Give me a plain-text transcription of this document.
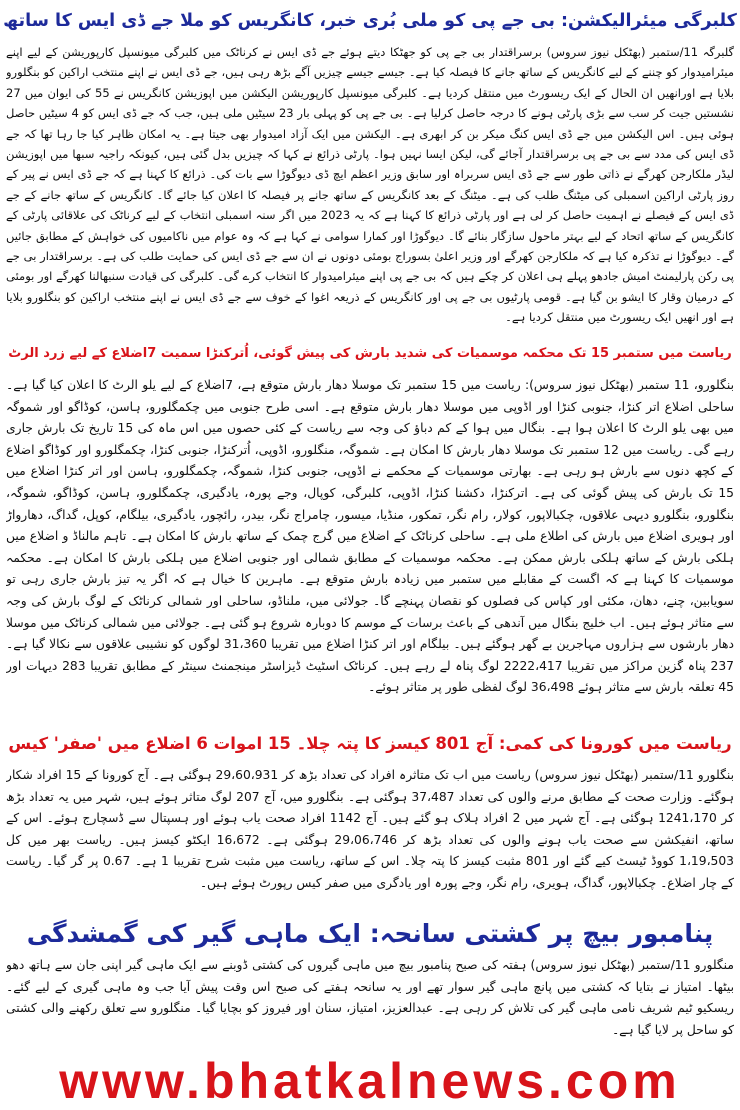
کلبرگی میئرالیکشن: بی جے پی کو ملی بُری خبر، کانگریس کو ملا جے ڈی ایس کا ساتھ

گلبرگہ 11/ستمبر (بھٹکل نیوز سروس) برسراقتدار بی جے پی کو جھٹکا دیتے ہوئے جے ڈی ایس نے کرناٹک میں کلبرگی میونسپل کارپوریشن کے لیے اپنے میئرامیدوار کو چننے کے لیے کانگریس کے ساتھ جانے کا فیصلہ کیا ہے۔ جیسے جیسے چیزیں آگے بڑھ رہی ہیں، جے ڈی ایس نے اپنے منتخب اراکین کو بنگلورو بلایا ہے اورانھیں ان الحال کے ایک ریسورٹ میں منتقل کردیا ہے۔ کلبرگی میونسپل کارپوریشن الیکشن میں اپوزیشن کانگریس نے 55 کی ایوان میں 27 نشستیں جیت کر سب سے بڑی پارٹی ہونے کا درجہ حاصل کرلیا ہے۔ بی جے پی کو پہلی بار 23 سیٹیں ملی ہیں، جب کہ جے ڈی ایس کو 4 سیٹیں حاصل ہوئی ہیں۔ اس الیکشن میں جے ڈی ایس کنگ میکر بن کر ابھری ہے۔ الیکشن میں ایک آزاد امیدوار بھی جیتا ہے۔ یہ امکان ظاہر کیا جا رہا تھا کہ جے ڈی ایس کی مدد سے بی جے پی برسراقتدار آجائے گی، لیکن ایسا نہیں ہوا۔ پارٹی ذرائع نے کہا کہ چیزیں بدل گئی ہیں، کیونکہ راجیہ سبھا میں اپوزیشن لیڈر ملکارجن کھرگے نے ذاتی طور سے جے ڈی ایس سربراہ اور سابق وزیر اعظم ایچ ڈی دیوگوڑا سے بات کی۔ ذرائع کا کہنا ہے کہ جے ڈی ایس نے پیر کے روز پارٹی اراکین اسمبلی کی میٹنگ طلب کی ہے۔ میٹنگ کے بعد کانگریس کے ساتھ جانے پر فیصلہ کا اعلان کیا جائے گا۔ کانگریس کے ساتھ جانے کے جے ڈی ایس کے فیصلے نے اہمیت حاصل کر لی ہے اور پارٹی ذرائع کا کہنا ہے کہ یہ 2023 میں اگر سنہ اسمبلی انتخاب کے لیے کرناٹک کی علاقائی پارٹی کے کانگریس کے ساتھ اتحاد کے لیے بہتر ماحول سازگار بنائے گا۔ دیوگوڑا اور کمارا سوامی نے کہا ہے کہ وہ عوام میں ناکامیوں کی خواہش کے مطابق جائیں گے۔ دیوگوڑا نے تذکرہ کیا ہے کہ ملکارجن کھرگے اور وزیر اعلیٰ بسوراج بومئی دونوں نے ان سے جے ڈی ایس کی حمایت طلب کی ہے۔ برسراقتدار بی جے پی رکن پارلیمنٹ امیش جادھو پہلے ہی اعلان کر چکے ہیں کہ بی جے پی اپنے میئرامیدوار کا انتخاب کرے گی۔ کلبرگی کی قیادت سنبھالنا کھرگے اور بومئی کے درمیان وقار کا ایشو بن گیا ہے۔ قومی پارٹیوں بی جے پی اور کانگریس کے ذریعہ اغوا کے خوف سے جے ڈی ایس نے اپنے منتخب اراکین کو بنگلورو بلایا ہے اور انھیں ایک ریسورٹ میں منتقل کردیا ہے۔

ریاست میں ستمبر 15 تک محکمہ موسمیات کی شدید بارش کی پیش گوئی، اُترکنڑا سمیت 7اضلاع کے لیے زرد الرٹ

بنگلورو، 11 ستمبر (بھٹکل نیوز سروس): ریاست میں 15 ستمبر تک موسلا دھار بارش متوقع ہے، 7اضلاع کے لیے یلو الرٹ کا اعلان کیا گیا ہے۔ ساحلی اضلاع اتر کنڑا، جنوبی کنڑا اور اڈوپی میں موسلا دھار بارش متوقع ہے۔ اسی طرح جنوبی میں چکمگلورو، ہاسن، کوڈاگو اور شموگہ میں بھی یلو الرٹ کا اعلان ہوا ہے۔ بنگال میں ہوا کے کم دباؤ کی وجہ سے ریاست کے کئی حصوں میں اس ماہ کی 15 تاریخ تک بارش جاری رہے گی۔ ریاست میں 12 ستمبر تک موسلا دھار بارش کا امکان ہے۔ شموگہ، منگلورو، اڈوپی، اُترکنڑا، جنوبی کنڑا، چکمگلورو اور کوڈاگو اضلاع کے کچھ دنوں سے بارش ہو رہی ہے۔ بھارتی موسمیات کے محکمے نے اڈوپی، جنوبی کنڑا، شموگہ، چکمگلورو، ہاسن اور اتر کنڑا اضلاع میں 15 تک بارش کی پیش گوئی کی ہے۔ اترکنڑا، دکشنا کنڑا، اڈوپی، کلبرگی، کوپال، وجے پورہ، یادگیری، چکمگلورو، ہاسن، کوڈاگو، شموگہ، بنگلورو، بنگلورو دیہی علاقوں، چکبالاپور، کولار، رام نگر، تمکور، منڈیا، میسور، چامراج نگر، بیدر، رائچور، یادگیری، بیلگام، کوپل، گداگ، دھارواڑ اور ہویری اضلاع میں بارش کی اطلاع ملی ہے۔ ساحلی کرناٹک کے اضلاع میں گرج چمک کے ساتھ بارش کا امکان ہے۔ تاہم مالناڈ و اضلاع میں ہلکی بارش کے ساتھ ہلکی بارش ممکن ہے۔ محکمہ موسمیات کے مطابق شمالی اور جنوبی اضلاع میں ہلکی بارش کا امکان ہے۔ محکمہ موسمیات کا کہنا ہے کہ اگست کے مقابلے میں ستمبر میں زیادہ بارش متوقع ہے۔ ماہرین کا خیال ہے کہ اگر یہ تیز بارش جاری رہی تو سویابین، چنے، دھان، مکئی اور کپاس کی فصلوں کو نقصان پہنچے گا۔ جولائی میں، ملناڈو، ساحلی اور شمالی کرناٹک کے لوگ بارش کی وجہ سے متاثر ہوئے ہیں۔ اب خلیج بنگال میں آندھی کے باعث برسات کے موسم کا دوبارہ شروع ہو گئی ہے۔ جولائی میں شمالی کرناٹک میں موسلا دھار بارشوں سے ہزاروں مہاجرین بے گھر ہوگئے ہیں۔ بیلگام اور اتر کنڑا اضلاع میں تقریبا 31،360 لوگوں کو نشیبی علاقوں سے نکالا گیا ہے۔ 237 پناہ گزین مراکز میں تقریبا 2222،417 لوگ پناہ لے رہے ہیں۔ کرناٹک اسٹیٹ ڈیزاسٹر مینجمنٹ سینٹر کے مطابق تقریبا 283 دیہات اور 45 تعلقہ بارش سے متاثر ہوئے 36،498 لوگ لفظی طور پر متاثر ہوئے۔

ریاست میں کورونا کی کمی: آج 801 کیسز کا پتہ چلا۔ 15 اموات 6 اضلاع میں 'صفر' کیس

بنگلورو 11/ستمبر (بھٹکل نیوز سروس) ریاست میں اب تک متاثرہ افراد کی تعداد بڑھ کر 29،60،931 ہوگئی ہے۔ آج کورونا کے 15 افراد شکار ہوگئے۔ وزارت صحت کے مطابق مرنے والوں کی تعداد 37،487 ہوگئی ہے۔ بنگلورو میں، آج 207 لوگ متاثر ہوئے ہیں، شہر میں یہ تعداد بڑھ کر 1241،170 ہوگئی ہے۔ آج شہر میں 2 افراد ہلاک ہو گئے ہیں۔ آج 1142 افراد صحت یاب ہوئے اور ہسپتال سے ڈسچارج ہوئے۔ اس کے ساتھ، انفیکشن سے صحت یاب ہونے والوں کی تعداد بڑھ کر 29،06،746 ہوگئی ہے۔ 16،672 ایکٹو کیسز ہیں۔ ریاست بھر میں کل 1،19،503 کووڈ ٹیسٹ کیے گئے اور 801 مثبت کیسز کا پتہ چلا۔ اس کے ساتھ، ریاست میں مثبت شرح تقریبا 1 ہے۔ 0.67 پر گر گیا۔ ریاست کے چار اضلاع۔ چکبالاپور، گداگ، ہویری، رام نگر، وجے پورہ اور یادگری میں صفر کیس رپورٹ ہوئے ہیں۔

پنامبور بیچ پر کشتی سانحہ: ایک ماہی گیر کی گمشدگی

منگلورو 11/ستمبر (بھٹکل نیوز سروس) ہفتہ کی صبح پنامبور بیچ میں ماہی گیروں کی کشتی ڈوبنے سے ایک ماہی گیر اپنی جان سے ہاتھ دھو بیٹھا۔ امتیاز نے بتایا کہ کشتی میں پانچ ماہی گیر سوار تھے اور یہ سانحہ ہفتے کی صبح اس وقت پیش آیا جب وہ ماہی گیری کے لیے گئے۔ ریسکیو ٹیم شریف نامی ماہی گیر کی تلاش کر رہی ہے۔ عبدالعزیز، امتیاز، سنان اور فیروز کو بچایا گیا۔ منگلورو سے تعلق رکھنے والی کشتی کو ساحل پر لایا گیا ہے۔

www.bhatkalnews.com
